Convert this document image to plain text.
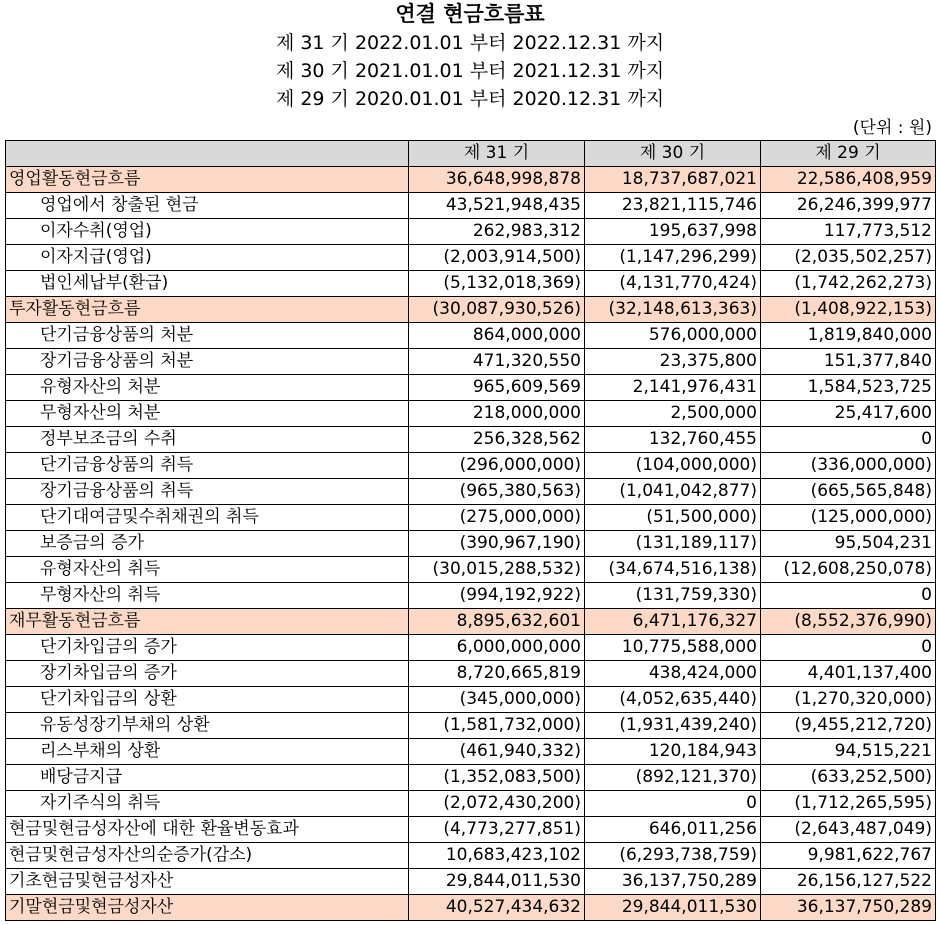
연결 현금흐름표
제 31 기 2022.01.01 부터 2022.12.31 까지
제 30 기 2021.01.01 부터 2021.12.31 까지
제 29 기 2020.01.01 부터 2020.12.31 까지
(단위 : 원)
	제 31 기	제 30 기	제 29 기
영업활동현금흐름	36,648,998,878	18,737,687,021	22,586,408,959
영업에서 창출된 현금	43,521,948,435	23,821,115,746	26,246,399,977
이자수취(영업)	262,983,312	195,637,998	117,773,512
이자지급(영업)	(2,003,914,500)	(1,147,296,299)	(2,035,502,257)
법인세납부(환급)	(5,132,018,369)	(4,131,770,424)	(1,742,262,273)
투자활동현금흐름	(30,087,930,526)	(32,148,613,363)	(1,408,922,153)
단기금융상품의 처분	864,000,000	576,000,000	1,819,840,000
장기금융상품의 처분	471,320,550	23,375,800	151,377,840
유형자산의 처분	965,609,569	2,141,976,431	1,584,523,725
무형자산의 처분	218,000,000	2,500,000	25,417,600
정부보조금의 수취	256,328,562	132,760,455	0
단기금융상품의 취득	(296,000,000)	(104,000,000)	(336,000,000)
장기금융상품의 취득	(965,380,563)	(1,041,042,877)	(665,565,848)
단기대여금및수취채권의 취득	(275,000,000)	(51,500,000)	(125,000,000)
보증금의 증가	(390,967,190)	(131,189,117)	95,504,231
유형자산의 취득	(30,015,288,532)	(34,674,516,138)	(12,608,250,078)
무형자산의 취득	(994,192,922)	(131,759,330)	0
재무활동현금흐름	8,895,632,601	6,471,176,327	(8,552,376,990)
단기차입금의 증가	6,000,000,000	10,775,588,000	0
장기차입금의 증가	8,720,665,819	438,424,000	4,401,137,400
단기차입금의 상환	(345,000,000)	(4,052,635,440)	(1,270,320,000)
유동성장기부채의 상환	(1,581,732,000)	(1,931,439,240)	(9,455,212,720)
리스부채의 상환	(461,940,332)	120,184,943	94,515,221
배당금지급	(1,352,083,500)	(892,121,370)	(633,252,500)
자기주식의 취득	(2,072,430,200)	0	(1,712,265,595)
현금및현금성자산에 대한 환율변동효과	(4,773,277,851)	646,011,256	(2,643,487,049)
현금및현금성자산의순증가(감소)	10,683,423,102	(6,293,738,759)	9,981,622,767
기초현금및현금성자산	29,844,011,530	36,137,750,289	26,156,127,522
기말현금및현금성자산	40,527,434,632	29,844,011,530	36,137,750,289
